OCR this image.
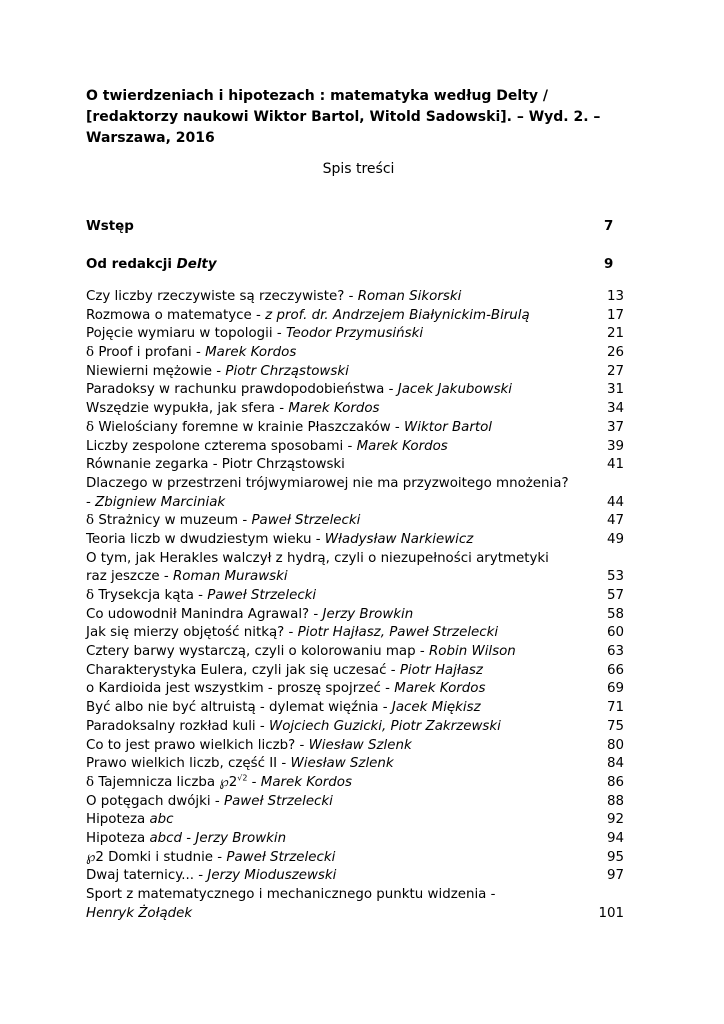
O twierdzeniach i hipotezach : matematyka według Delty / [redaktorzy naukowi Wiktor Bartol, Witold Sadowski]. – Wyd. 2. – Warszawa, 2016

Spis treści

Wstęp	7
Od redakcji Delty	9
Czy liczby rzeczywiste są rzeczywiste? - Roman Sikorski	13
Rozmowa o matematyce - z prof. dr. Andrzejem Białynickim-Birulą	17
Pojęcie wymiaru w topologii - Teodor Przymusiński	21
δ Proof i profani - Marek Kordos	26
Niewierni mężowie - Piotr Chrząstowski	27
Paradoksy w rachunku prawdopodobieństwa - Jacek Jakubowski	31
Wszędzie wypukła, jak sfera - Marek Kordos	34
δ Wielościany foremne w krainie Płaszczaków - Wiktor Bartol	37
Liczby zespolone czterema sposobami - Marek Kordos	39
Równanie zegarka - Piotr Chrząstowski	41
Dlaczego w przestrzeni trójwymiarowej nie ma przyzwoitego mnożenia?
- Zbigniew Marciniak	44
δ Strażnicy w muzeum - Paweł Strzelecki	47
Teoria liczb w dwudziestym wieku - Władysław Narkiewicz	49
O tym, jak Herakles walczył z hydrą, czyli o niezupełności arytmetyki
raz jeszcze - Roman Murawski	53
δ Trysekcja kąta - Paweł Strzelecki	57
Co udowodnił Manindra Agrawal? - Jerzy Browkin	58
Jak się mierzy objętość nitką? - Piotr Hajłasz, Paweł Strzelecki	60
Cztery barwy wystarczą, czyli o kolorowaniu map - Robin Wilson	63
Charakterystyka Eulera, czyli jak się uczesać - Piotr Hajłasz	66
o Kardioida jest wszystkim - proszę spojrzeć - Marek Kordos	69
Być albo nie być altruistą - dylemat więźnia - Jacek Miękisz	71
Paradoksalny rozkład kuli - Wojciech Guzicki, Piotr Zakrzewski	75
Co to jest prawo wielkich liczb? - Wiesław Szlenk	80
Prawo wielkich liczb, część II - Wiesław Szlenk	84
δ Tajemnicza liczba $℘2^{√2}$ - Marek Kordos	86
O potęgach dwójki - Paweł Strzelecki	88
Hipoteza abc	92
Hipoteza abcd - Jerzy Browkin	94
℘2 Domki i studnie - Paweł Strzelecki	95
Dwaj taternicy... - Jerzy Mioduszewski	97
Sport z matematycznego i mechanicznego punktu widzenia -
Henryk Żołądek	101
